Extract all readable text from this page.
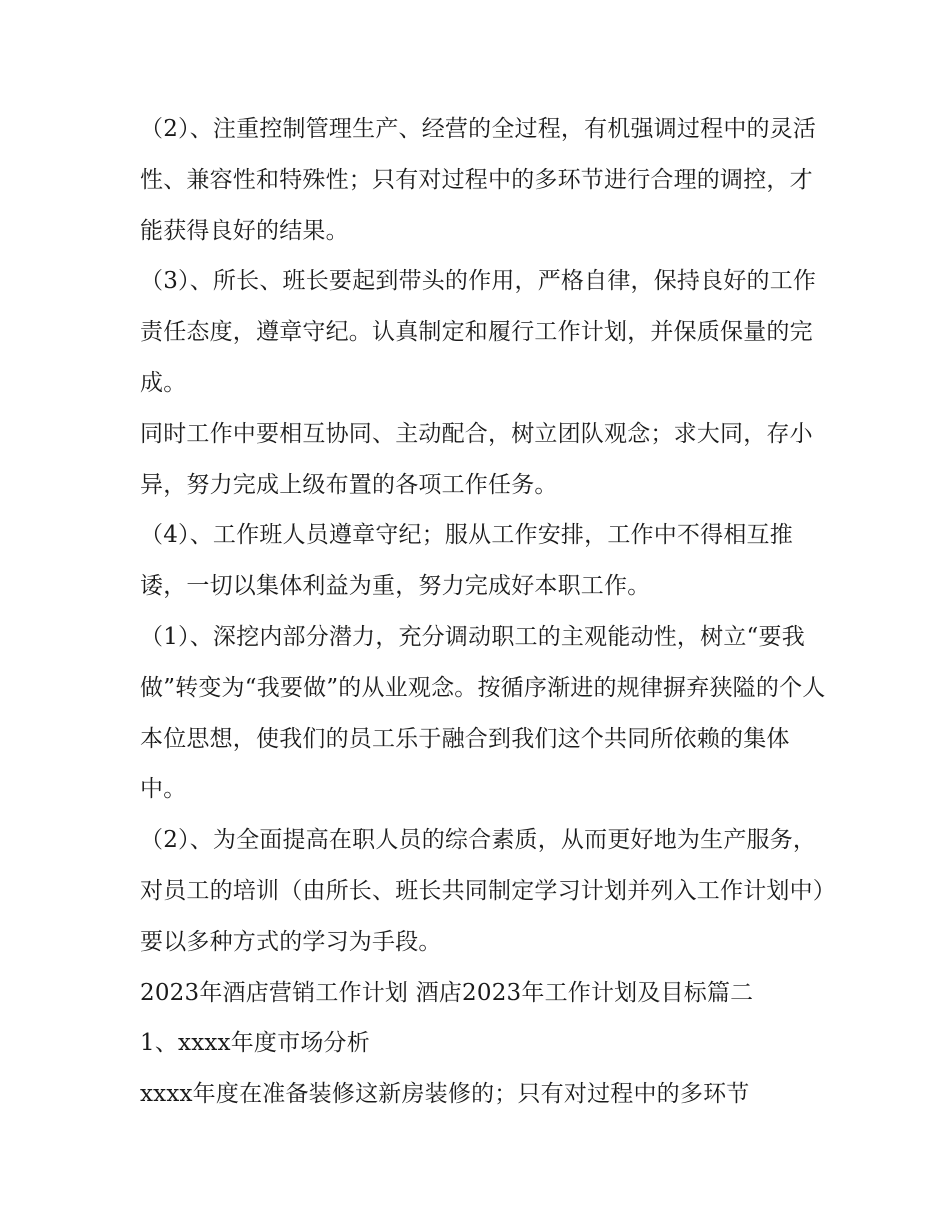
（2）、注重控制管理生产、经营的全过程，有机强调过程中的灵活性、兼容性和特殊性；只有对过程中的多环节进行合理的调控，才能获得良好的结果。

（3）、所长、班长要起到带头的作用，严格自律，保持良好的工作责任态度，遵章守纪。认真制定和履行工作计划，并保质保量的完成。

同时工作中要相互协同、主动配合，树立团队观念；求大同，存小异，努力完成上级布置的各项工作任务。

（4）、工作班人员遵章守纪；服从工作安排，工作中不得相互推诿，一切以集体利益为重，努力完成好本职工作。

（1）、深挖内部分潜力，充分调动职工的主观能动性，树立“要我做”转变为“我要做”的从业观念。按循序渐进的规律摒弃狭隘的个人本位思想，使我们的员工乐于融合到我们这个共同所依赖的集体中。

（2）、为全面提高在职人员的综合素质，从而更好地为生产服务，对员工的培训（由所长、班长共同制定学习计划并列入工作计划中）要以多种方式的学习为手段。

2023年酒店营销工作计划 酒店2023年工作计划及目标篇二

1、xxxx年度市场分析

xxxx年度在准备装修这新房装修的；只有对过程中的多环节
